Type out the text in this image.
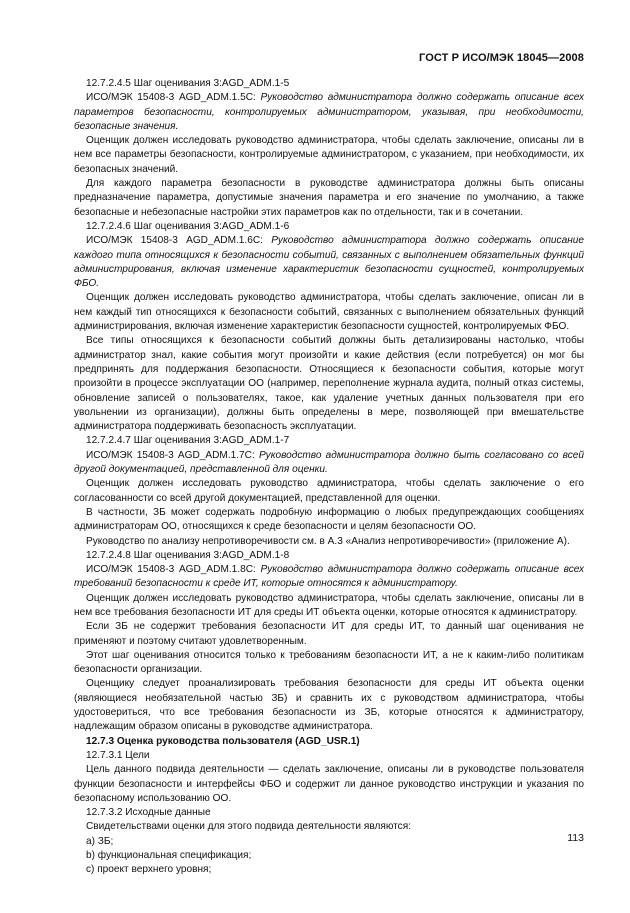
ГОСТ Р ИСО/МЭК 18045—2008

12.7.2.4.5 Шаг оценивания 3:AGD_ADM.1-5

ИСО/МЭК 15408-3 AGD_ADM.1.5C: Руководство администратора должно содержать описание всех параметров безопасности, контролируемых администратором, указывая, при необходимости, безопасные значения.

Оценщик должен исследовать руководство администратора, чтобы сделать заключение, описаны ли в нем все параметры безопасности, контролируемые администратором, с указанием, при необходимости, их безопасных значений.

Для каждого параметра безопасности в руководстве администратора должны быть описаны предназначение параметра, допустимые значения параметра и его значение по умолчанию, а также безопасные и небезопасные настройки этих параметров как по отдельности, так и в сочетании.

12.7.2.4.6 Шаг оценивания 3:AGD_ADM.1-6

ИСО/МЭК 15408-3 AGD_ADM.1.6C: Руководство администратора должно содержать описание каждого типа относящихся к безопасности событий, связанных с выполнением обязательных функций администрирования, включая изменение характеристик безопасности сущностей, контролируемых ФБО.

Оценщик должен исследовать руководство администратора, чтобы сделать заключение, описан ли в нем каждый тип относящихся к безопасности событий, связанных с выполнением обязательных функций администрирования, включая изменение характеристик безопасности сущностей, контролируемых ФБО.

Все типы относящихся к безопасности событий должны быть детализированы настолько, чтобы администратор знал, какие события могут произойти и какие действия (если потребуется) он мог бы предпринять для поддержания безопасности. Относящиеся к безопасности события, которые могут произойти в процессе эксплуатации ОО (например, переполнение журнала аудита, полный отказ системы, обновление записей о пользователях, такое, как удаление учетных данных пользователя при его увольнении из организации), должны быть определены в мере, позволяющей при вмешательстве администратора поддерживать безопасность эксплуатации.

12.7.2.4.7 Шаг оценивания 3:AGD_ADM.1-7

ИСО/МЭК 15408-3 AGD_ADM.1.7C: Руководство администратора должно быть согласовано со всей другой документацией, представленной для оценки.

Оценщик должен исследовать руководство администратора, чтобы сделать заключение о его согласованности со всей другой документацией, представленной для оценки.

В частности, ЗБ может содержать подробную информацию о любых предупреждающих сообщениях администраторам ОО, относящихся к среде безопасности и целям безопасности ОО.

Руководство по анализу непротиворечивости см. в А.3 «Анализ непротиворечивости» (приложение А).

12.7.2.4.8 Шаг оценивания 3:AGD_ADM.1-8

ИСО/МЭК 15408-3 AGD_ADM.1.8C: Руководство администратора должно содержать описание всех требований безопасности к среде ИТ, которые относятся к администратору.

Оценщик должен исследовать руководство администратора, чтобы сделать заключение, описаны ли в нем все требования безопасности ИТ для среды ИТ объекта оценки, которые относятся к администратору.

Если ЗБ не содержит требования безопасности ИТ для среды ИТ, то данный шаг оценивания не применяют и поэтому считают удовлетворенным.

Этот шаг оценивания относится только к требованиям безопасности ИТ, а не к каким-либо политикам безопасности организации.

Оценщику следует проанализировать требования безопасности для среды ИТ объекта оценки (являющиеся необязательной частью ЗБ) и сравнить их с руководством администратора, чтобы удостовериться, что все требования безопасности из ЗБ, которые относятся к администратору, надлежащим образом описаны в руководстве администратора.

12.7.3 Оценка руководства пользователя (AGD_USR.1)

12.7.3.1 Цели

Цель данного подвида деятельности — сделать заключение, описаны ли в руководстве пользователя функции безопасности и интерфейсы ФБО и содержит ли данное руководство инструкции и указания по безопасному использованию ОО.

12.7.3.2 Исходные данные

Свидетельствами оценки для этого подвида деятельности являются:

a) ЗБ;

b) функциональная спецификация;

c) проект верхнего уровня;

113
